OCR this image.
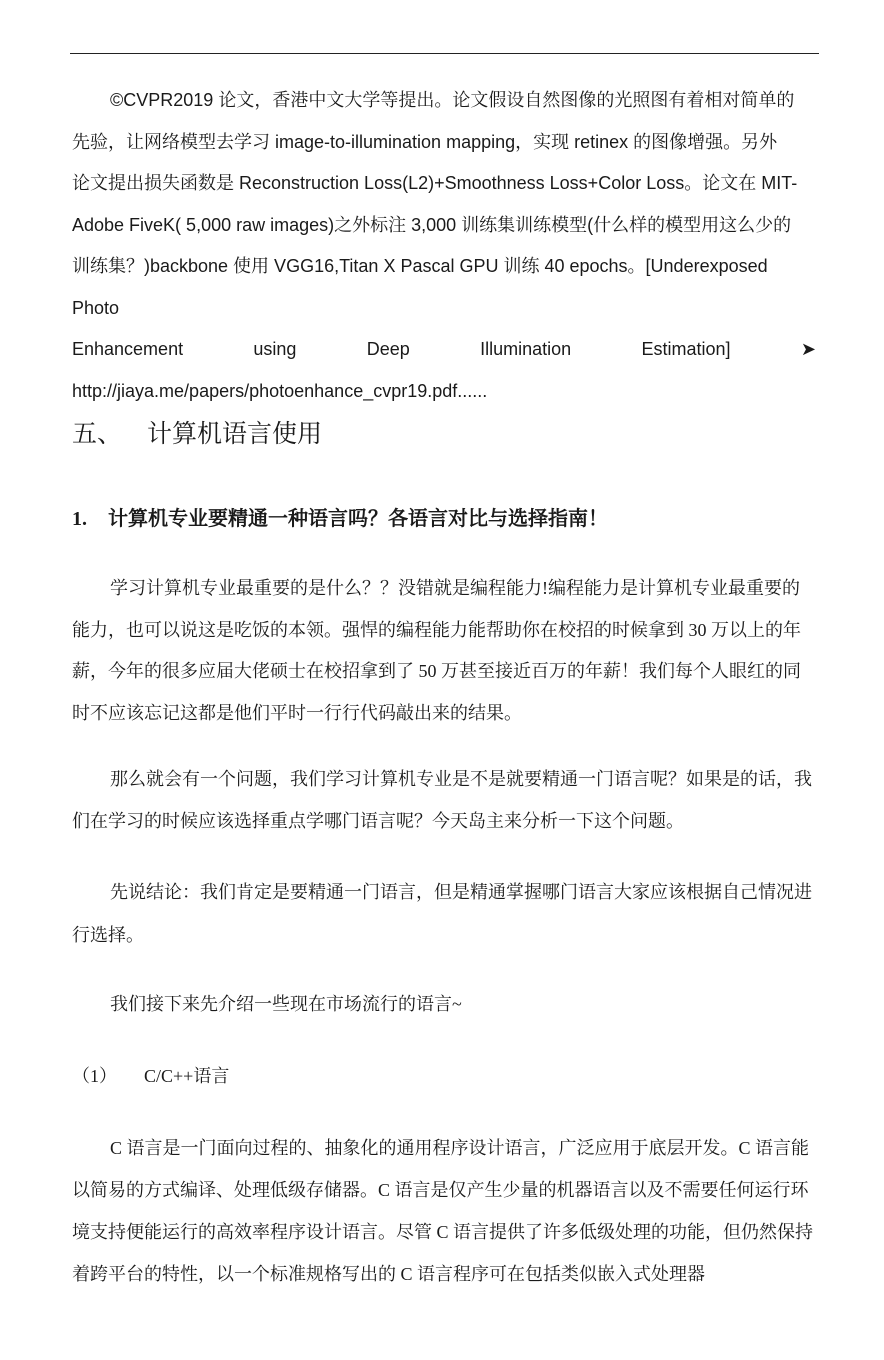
©CVPR2019 论文，香港中文大学等提出。论文假设自然图像的光照图有着相对简单的
先验，让网络模型去学习 image-to-illumination mapping，实现 retinex 的图像增强。另外
论文提出损失函数是 Reconstruction Loss(L2)+Smoothness Loss+Color Loss。论文在 MIT-
Adobe FiveK( 5,000 raw images)之外标注 3,000 训练集训练模型(什么样的模型用这么少的
训练集？)backbone 使用 VGG16,Titan X Pascal GPU 训练 40 epochs。[Underexposed Photo
Enhancement	using	Deep	Illumination	Estimation]	➤
http://jiaya.me/papers/photoenhance_cvpr19.pdf......
五、 计算机语言使用
1. 计算机专业要精通一种语言吗？各语言对比与选择指南！

学习计算机专业最重要的是什么？？没错就是编程能力!编程能力是计算机专业最重要的能力，也可以说这是吃饭的本领。强悍的编程能力能帮助你在校招的时候拿到 30 万以上的年薪，今年的很多应届大佬硕士在校招拿到了 50 万甚至接近百万的年薪！我们每个人眼红的同时不应该忘记这都是他们平时一行行代码敲出来的结果。

那么就会有一个问题，我们学习计算机专业是不是就要精通一门语言呢？如果是的话，我们在学习的时候应该选择重点学哪门语言呢？今天岛主来分析一下这个问题。

先说结论：我们肯定是要精通一门语言，但是精通掌握哪门语言大家应该根据自己情况进行选择。

我们接下来先介绍一些现在市场流行的语言~

（1） C/C++语言

C 语言是一门面向过程的、抽象化的通用程序设计语言，广泛应用于底层开发。C 语言能以简易的方式编译、处理低级存储器。C 语言是仅产生少量的机器语言以及不需要任何运行环境支持便能运行的高效率程序设计语言。尽管 C 语言提供了许多低级处理的功能，但仍然保持着跨平台的特性，以一个标准规格写出的 C 语言程序可在包括类似嵌入式处理器
